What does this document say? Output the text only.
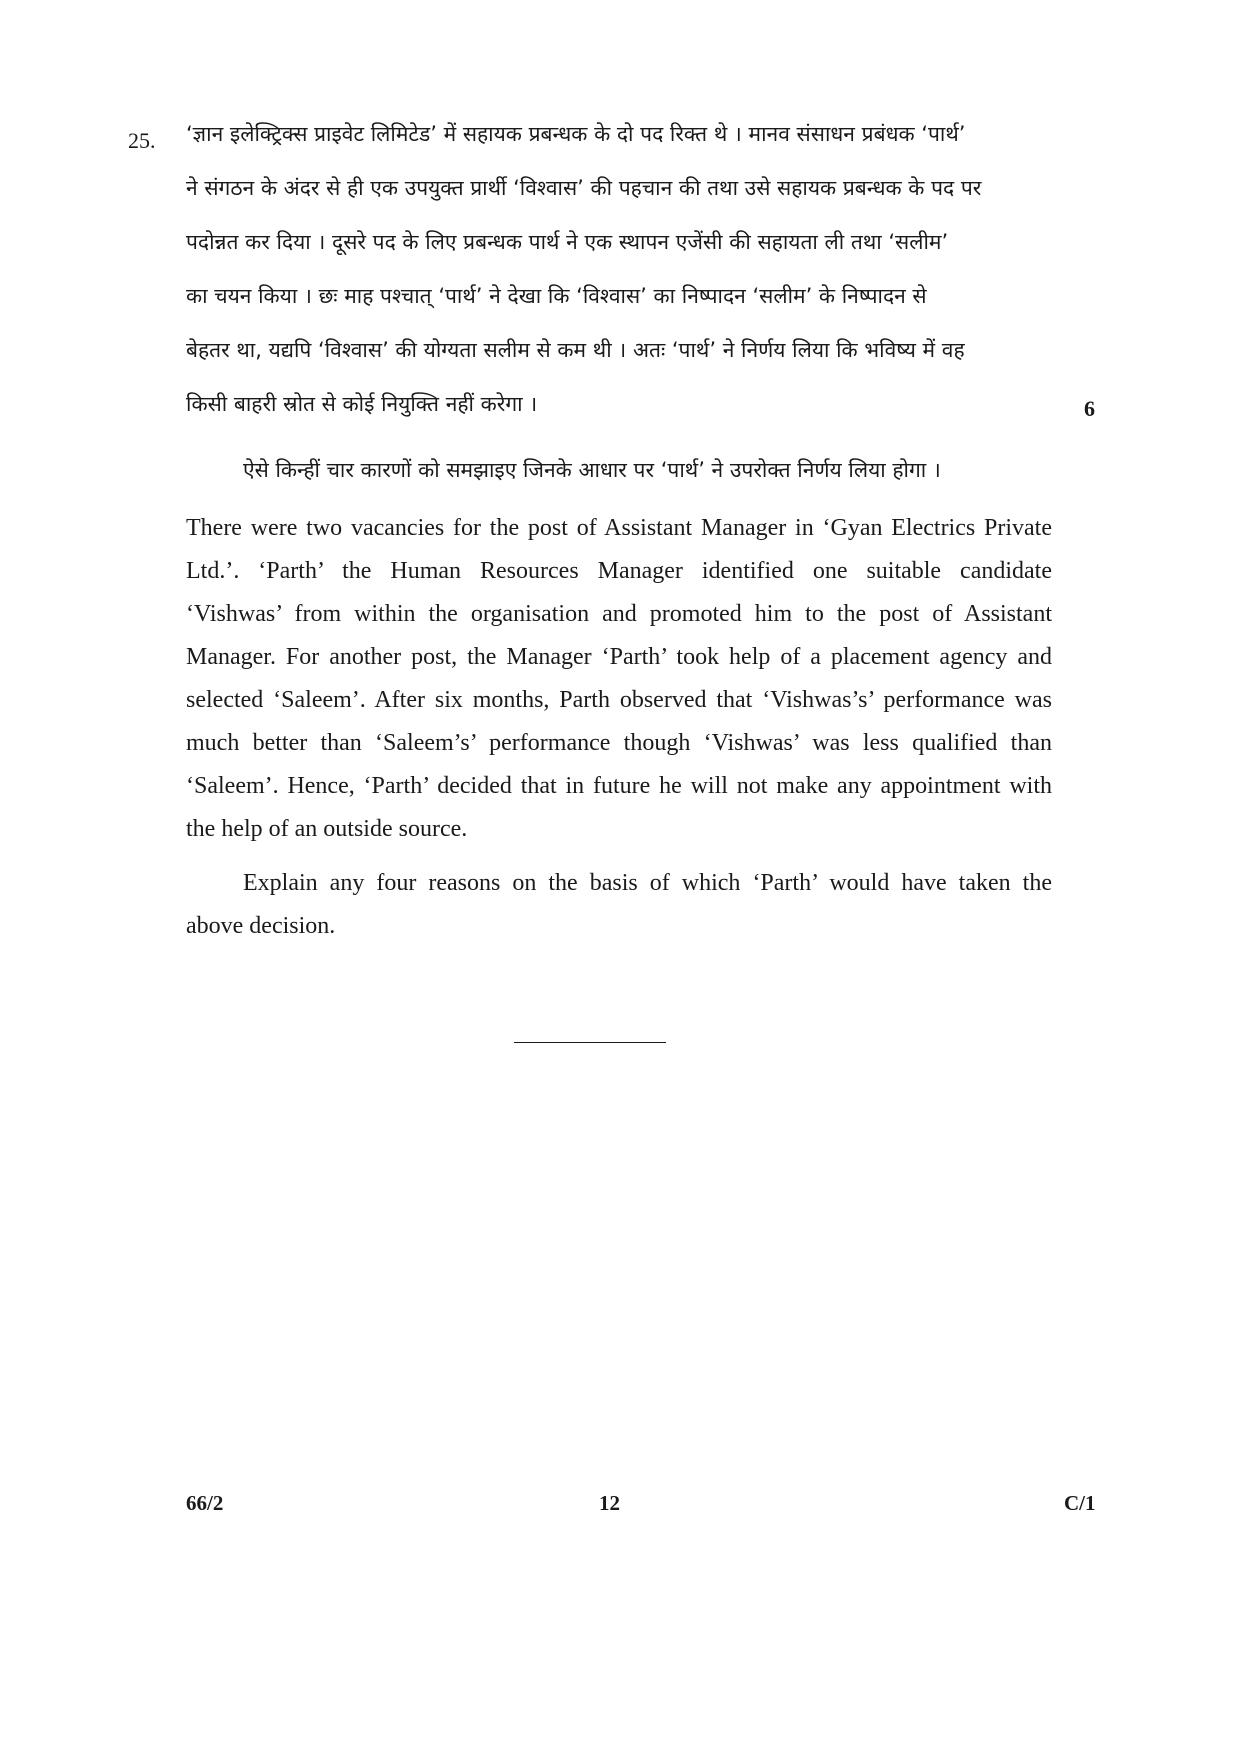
25. ‘ज्ञान इलेक्ट्रिक्स प्राइवेट लिमिटेड’ में सहायक प्रबन्धक के दो पद रिक्त थे । मानव संसाधन प्रबंधक ‘पार्थ’
ने संगठन के अंदर से ही एक उपयुक्त प्रार्थी ‘विश्वास’ की पहचान की तथा उसे सहायक प्रबन्धक के पद पर
पदोन्नत कर दिया । दूसरे पद के लिए प्रबन्धक पार्थ ने एक स्थापन एजेंसी की सहायता ली तथा ‘सलीम’
का चयन किया । छः माह पश्चात् ‘पार्थ’ ने देखा कि ‘विश्वास’ का निष्पादन ‘सलीम’ के निष्पादन से
बेहतर था, यद्यपि ‘विश्वास’ की योग्यता सलीम से कम थी । अतः ‘पार्थ’ ने निर्णय लिया कि भविष्य में वह
किसी बाहरी स्रोत से कोई नियुक्ति नहीं करेगा ।	6
ऐसे किन्हीं चार कारणों को समझाइए जिनके आधार पर ‘पार्थ’ ने उपरोक्त निर्णय लिया होगा ।
There were two vacancies for the post of Assistant Manager in ‘Gyan Electrics Private
Ltd.’. ‘Parth’ the Human Resources Manager identified one suitable candidate
‘Vishwas’ from within the organisation and promoted him to the post of Assistant
Manager. For another post, the Manager ‘Parth’ took help of a placement agency and
selected ‘Saleem’. After six months, Parth observed that ‘Vishwas’s’ performance was
much better than ‘Saleem’s’ performance though ‘Vishwas’ was less qualified than
‘Saleem’. Hence, ‘Parth’ decided that in future he will not make any appointment with
the help of an outside source.
Explain any four reasons on the basis of which ‘Parth’ would have taken the
above decision.
66/2	12	C/1
